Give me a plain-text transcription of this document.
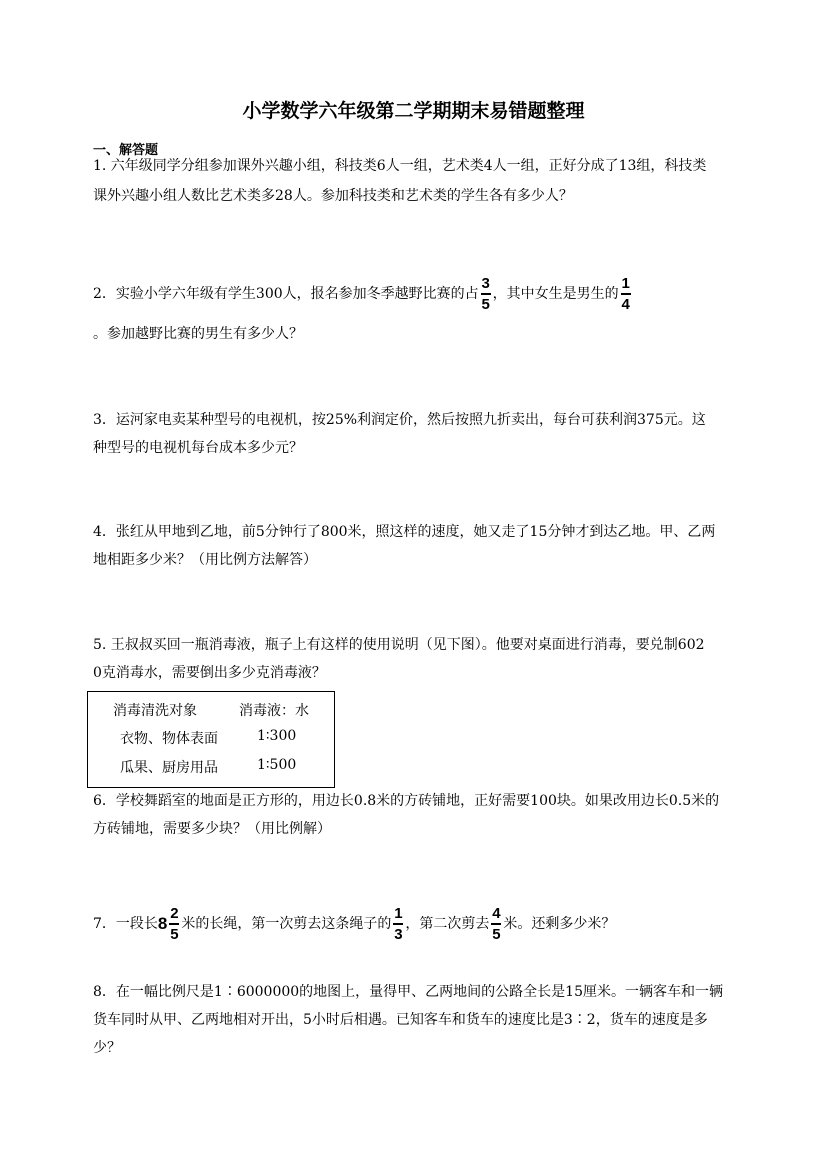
小学数学六年级第二学期期末易错题整理
一、解答题
1. 六年级同学分组参加课外兴趣小组，科技类6人一组，艺术类4人一组，正好分成了13组，科技类
课外兴趣小组人数比艺术类多28人。参加科技类和艺术类的学生各有多少人？
2．实验小学六年级有学生300人，报名参加冬季越野比赛的占 $\frac{3}{5}$ ，其中女生是男生的 $\frac{1}{4}$
。参加越野比赛的男生有多少人？
3．运河家电卖某种型号的电视机，按25%利润定价，然后按照九折卖出，每台可获利润375元。这
种型号的电视机每台成本多少元？
4．张红从甲地到乙地，前5分钟行了800米，照这样的速度，她又走了15分钟才到达乙地。甲、乙两
地相距多少米？（用比例方法解答）
5. 王叔叔买回一瓶消毒液，瓶子上有这样的使用说明（见下图）。他要对桌面进行消毒，要兑制602
0克消毒水，需要倒出多少克消毒液？
消毒清洗对象	消毒液：水
衣物、物体表面	1∶300
瓜果、厨房用品	1∶500
6．学校舞蹈室的地面是正方形的，用边长0.8米的方砖铺地，正好需要100块。如果改用边长0.5米的
方砖铺地，需要多少块？（用比例解）
7．一段长$8 \frac{2}{5}$ 米的长绳，第一次剪去这条绳子的 $\frac{1}{3}$ ，第二次剪去 $\frac{4}{5}$ 米。还剩多少米？
8．在一幅比例尺是1∶6000000的地图上，量得甲、乙两地间的公路全长是15厘米。一辆客车和一辆
货车同时从甲、乙两地相对开出，5小时后相遇。已知客车和货车的速度比是3∶2，货车的速度是多
少？
